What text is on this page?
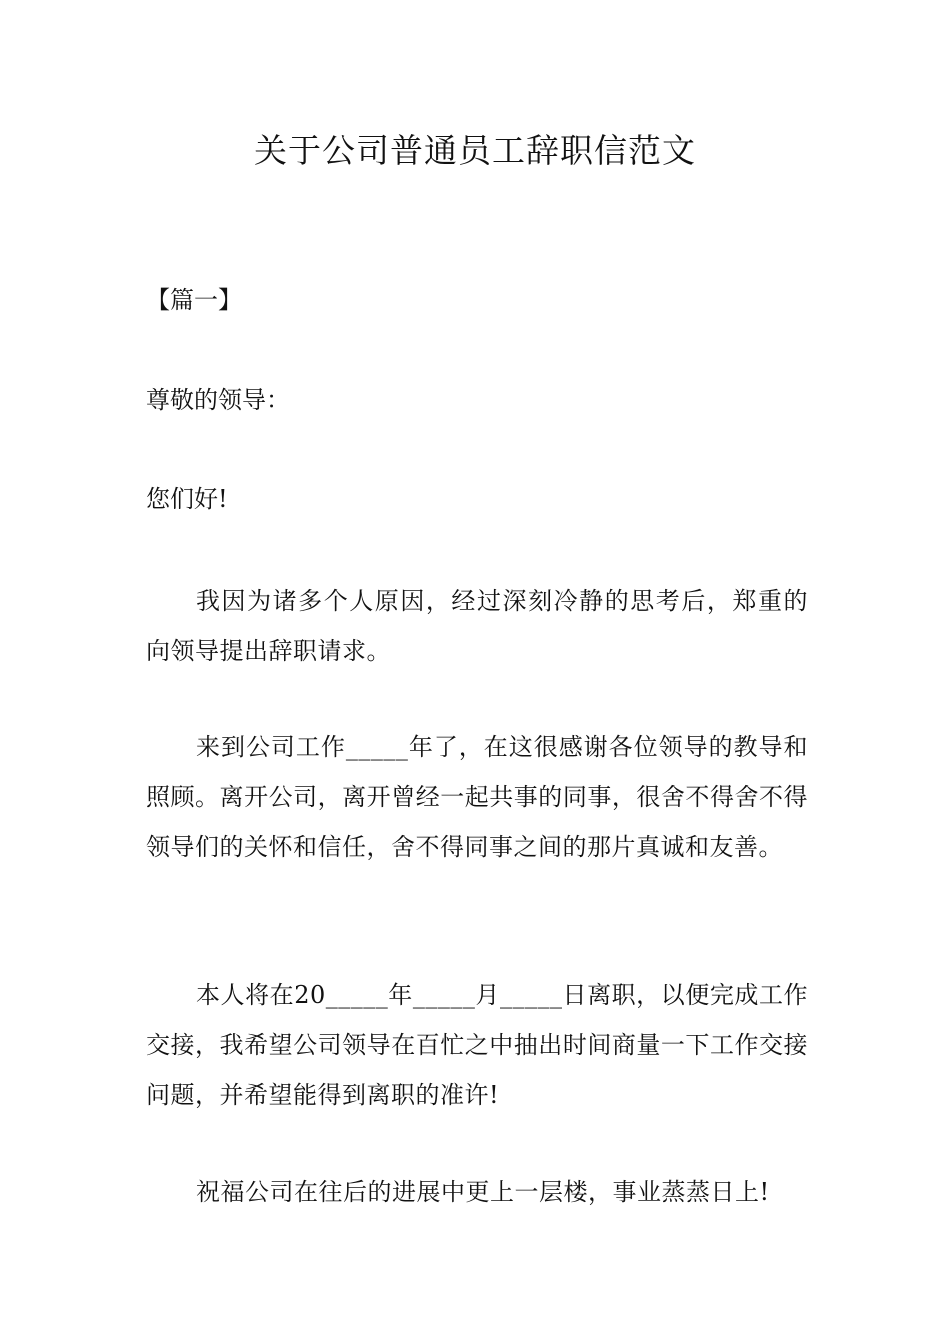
关于公司普通员工辞职信范文
【篇一】
尊敬的领导：
您们好!
我因为诸多个人原因，经过深刻冷静的思考后，郑重的向领导提出辞职请求。
来到公司工作_____年了，在这很感谢各位领导的教导和照顾。离开公司，离开曾经一起共事的同事，很舍不得舍不得领导们的关怀和信任，舍不得同事之间的那片真诚和友善。
本人将在20_____年_____月_____日离职，以便完成工作交接，我希望公司领导在百忙之中抽出时间商量一下工作交接问题，并希望能得到离职的准许!
祝福公司在往后的进展中更上一层楼，事业蒸蒸日上!
